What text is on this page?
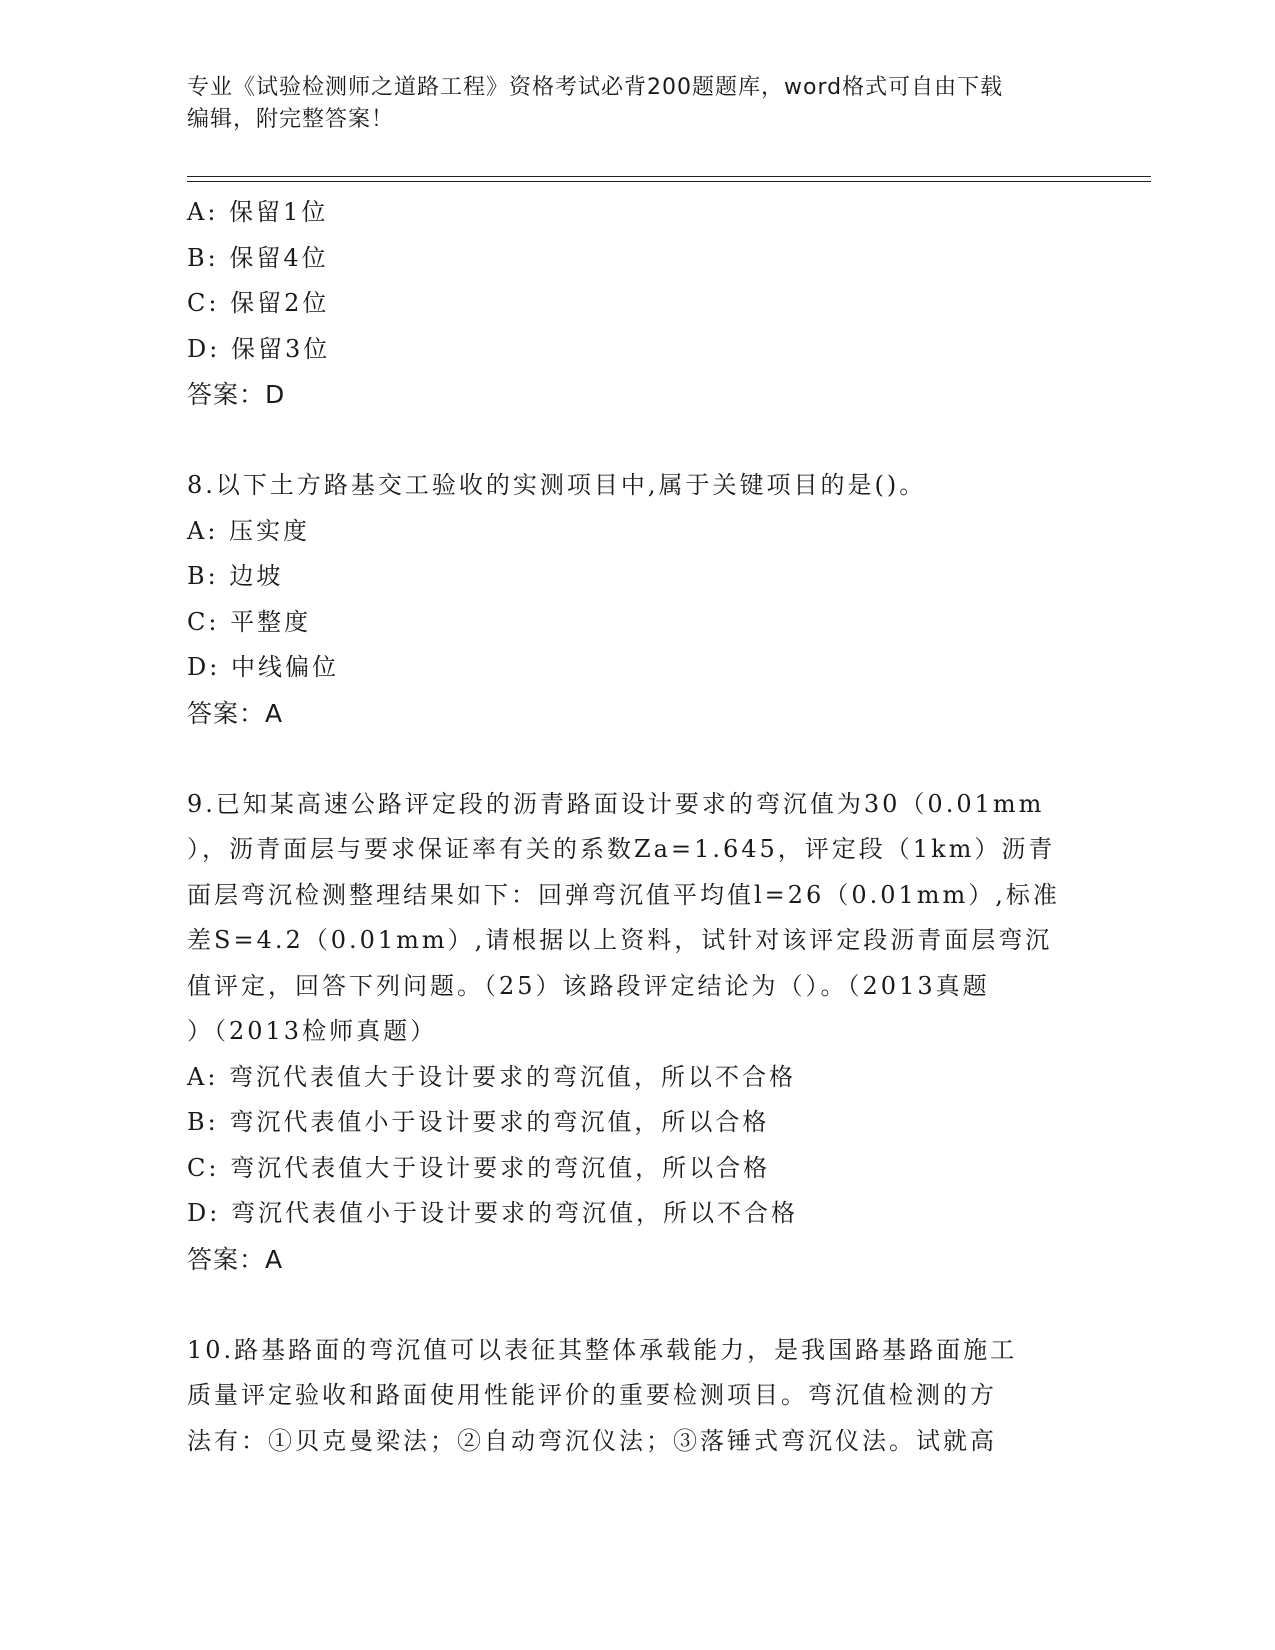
专业《试验检测师之道路工程》资格考试必背200题题库，word格式可自由下载
编辑，附完整答案！
A: 保留1位
B: 保留4位
C: 保留2位
D: 保留3位
答案：D
8.以下土方路基交工验收的实测项目中,属于关键项目的是()。
A: 压实度
B: 边坡
C: 平整度
D: 中线偏位
答案：A
9.已知某高速公路评定段的沥青路面设计要求的弯沉值为30（0.01mm
），沥青面层与要求保证率有关的系数Za=1.645，评定段（1km）沥青
面层弯沉检测整理结果如下：回弹弯沉值平均值l=26（0.01mm）,标准
差S=4.2（0.01mm）,请根据以上资料，试针对该评定段沥青面层弯沉
值评定，回答下列问题。（25）该路段评定结论为（）。（2013真题
）（2013检师真题）
A: 弯沉代表值大于设计要求的弯沉值，所以不合格
B: 弯沉代表值小于设计要求的弯沉值，所以合格
C: 弯沉代表值大于设计要求的弯沉值，所以合格
D: 弯沉代表值小于设计要求的弯沉值，所以不合格
答案：A
10.路基路面的弯沉值可以表征其整体承载能力，是我国路基路面施工
质量评定验收和路面使用性能评价的重要检测项目。弯沉值检测的方
法有：①贝克曼梁法；②自动弯沉仪法；③落锤式弯沉仪法。试就高
